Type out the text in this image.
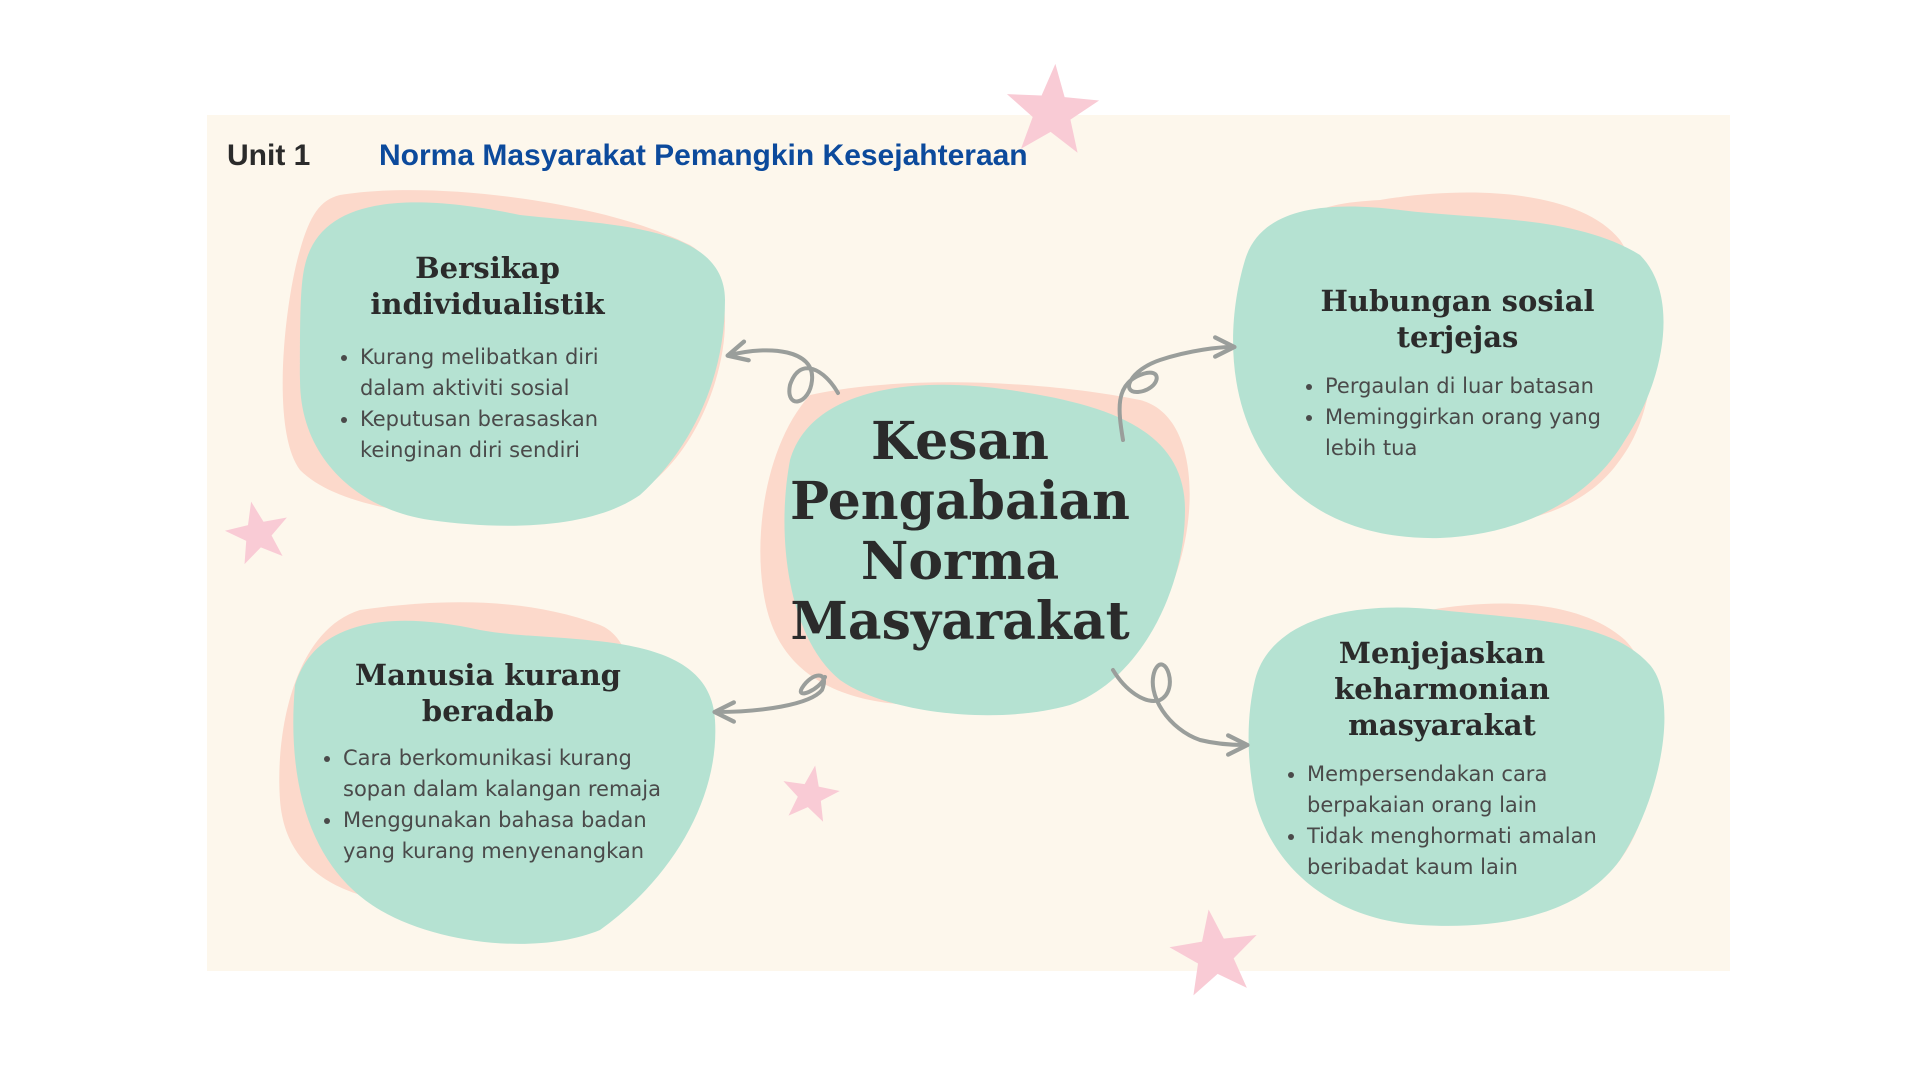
Unit 1 Norma Masyarakat Pemangkin Kesejahteraan
Kesan Pengabaian Norma Masyarakat
Bersikap individualistik
• Kurang melibatkan diri dalam aktiviti sosial
• Keputusan berasaskan keinginan diri sendiri
Hubungan sosial terjejas
• Pergaulan di luar batasan
• Meminggirkan orang yang lebih tua
Manusia kurang beradab
• Cara berkomunikasi kurang sopan dalam kalangan remaja
• Menggunakan bahasa badan yang kurang menyenangkan
Menjejaskan keharmonian masyarakat
• Mempersendakan cara berpakaian orang lain
• Tidak menghormati amalan beribadat kaum lain
